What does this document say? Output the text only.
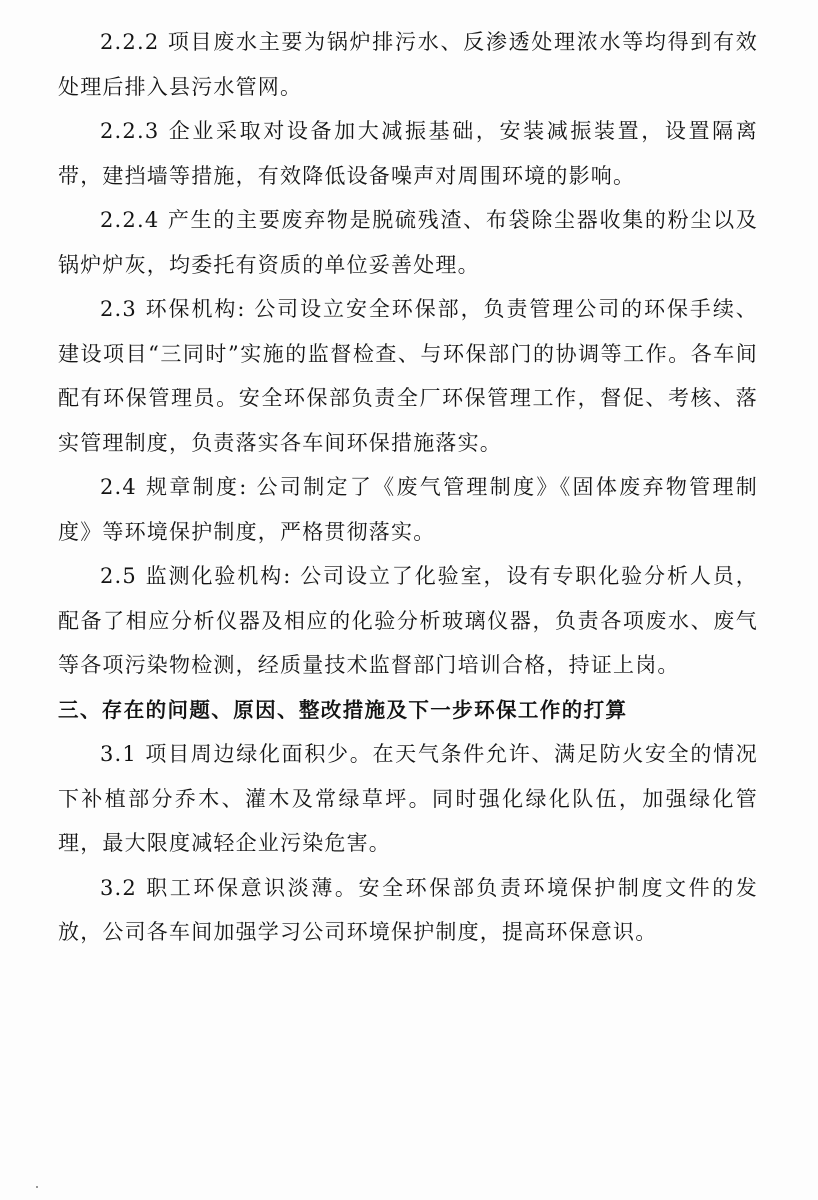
2.2.2 项目废水主要为锅炉排污水、反渗透处理浓水等均得到有效处理后排入县污水管网。

2.2.3 企业采取对设备加大减振基础，安装减振装置，设置隔离带，建挡墙等措施，有效降低设备噪声对周围环境的影响。

2.2.4 产生的主要废弃物是脱硫残渣、布袋除尘器收集的粉尘以及锅炉炉灰，均委托有资质的单位妥善处理。

2.3 环保机构: 公司设立安全环保部，负责管理公司的环保手续、建设项目“三同时”实施的监督检查、与环保部门的协调等工作。各车间配有环保管理员。安全环保部负责全厂环保管理工作，督促、考核、落实管理制度，负责落实各车间环保措施落实。

2.4 规章制度: 公司制定了《废气管理制度》《固体废弃物管理制度》等环境保护制度，严格贯彻落实。

2.5 监测化验机构: 公司设立了化验室，设有专职化验分析人员，配备了相应分析仪器及相应的化验分析玻璃仪器，负责各项废水、废气等各项污染物检测，经质量技术监督部门培训合格，持证上岗。

三、存在的问题、原因、整改措施及下一步环保工作的打算

3.1 项目周边绿化面积少。在天气条件允许、满足防火安全的情况下补植部分乔木、灌木及常绿草坪。同时强化绿化队伍，加强绿化管理，最大限度减轻企业污染危害。

3.2 职工环保意识淡薄。安全环保部负责环境保护制度文件的发放，公司各车间加强学习公司环境保护制度，提高环保意识。
